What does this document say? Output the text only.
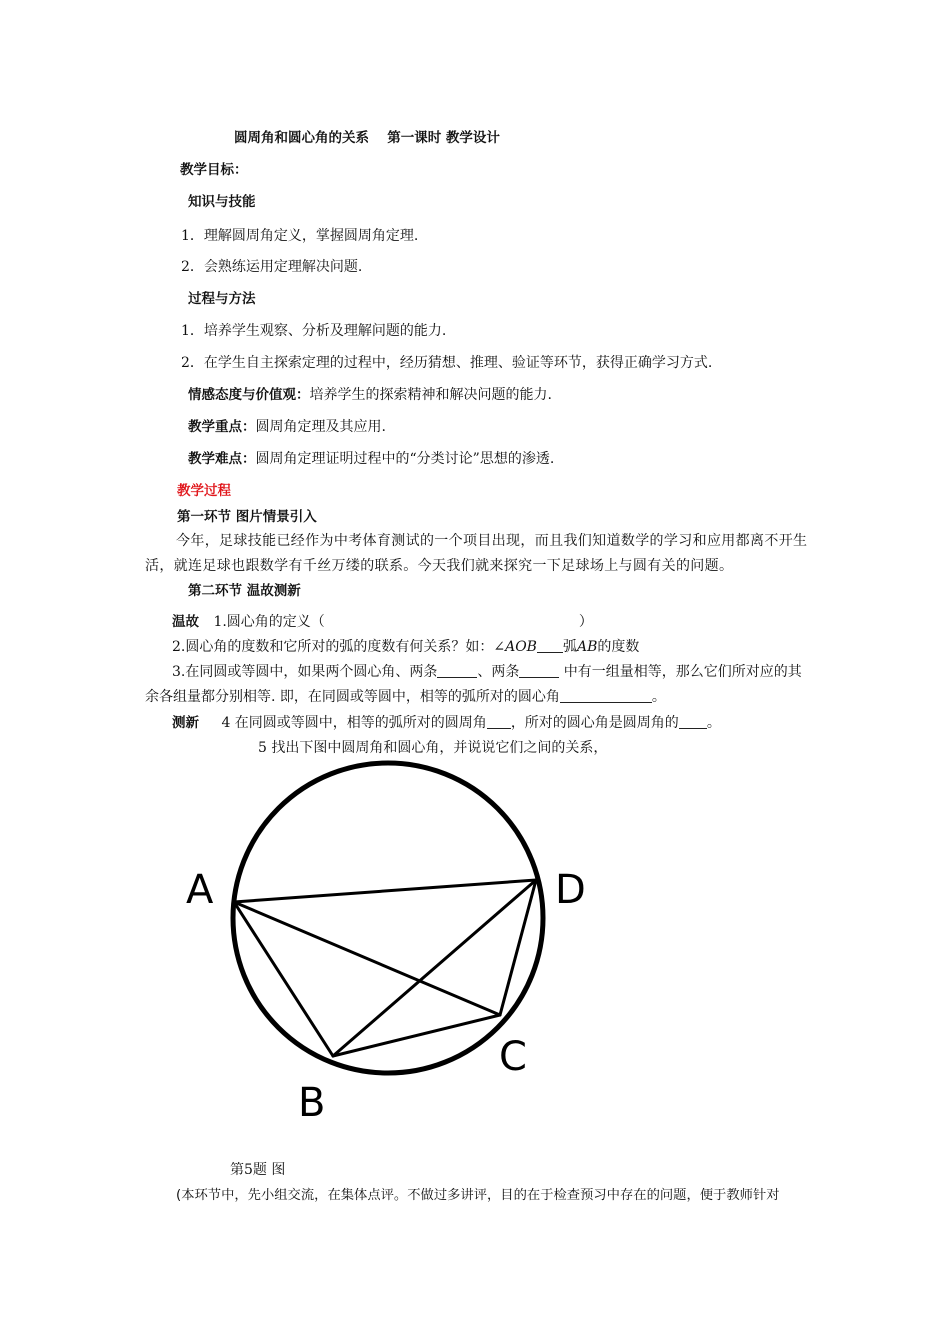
圆周角和圆心角的关系　 第一课时 教学设计
教学目标：
知识与技能
1．理解圆周角定义，掌握圆周角定理.
2．会熟练运用定理解决问题.
过程与方法
1．培养学生观察、分析及理解问题的能力.
2．在学生自主探索定理的过程中，经历猜想、推理、验证等环节，获得正确学习方式.
情感态度与价值观：培养学生的探索精神和解决问题的能力.
教学重点：圆周角定理及其应用.
教学难点：圆周角定理证明过程中的“分类讨论”思想的渗透.
教学过程
第一环节 图片情景引入
今年，足球技能已经作为中考体育测试的一个项目出现，而且我们知道数学的学习和应用都离不开生
活，就连足球也跟数学有千丝万缕的联系。今天我们就来探究一下足球场上与圆有关的问题。
第二环节 温故测新
温故 1.圆心角的定义（	）
2.圆心角的度数和它所对的弧的度数有何关系？如：∠AOB 弧AB的度数
3.在同圆或等圆中，如果两个圆心角、两条	、两条	中有一组量相等，那么它们所对应的其
余各组量都分别相等. 即，在同圆或等圆中，相等的弧所对的圆心角	。
测新 4 在同圆或等圆中，相等的弧所对的圆周角 ，所对的圆心角是圆周角的 。
5 找出下图中圆周角和圆心角，并说说它们之间的关系，
A	D
C
B
第5题 图
(本环节中，先小组交流，在集体点评。不做过多讲评，目的在于检查预习中存在的问题，便于教师针对
